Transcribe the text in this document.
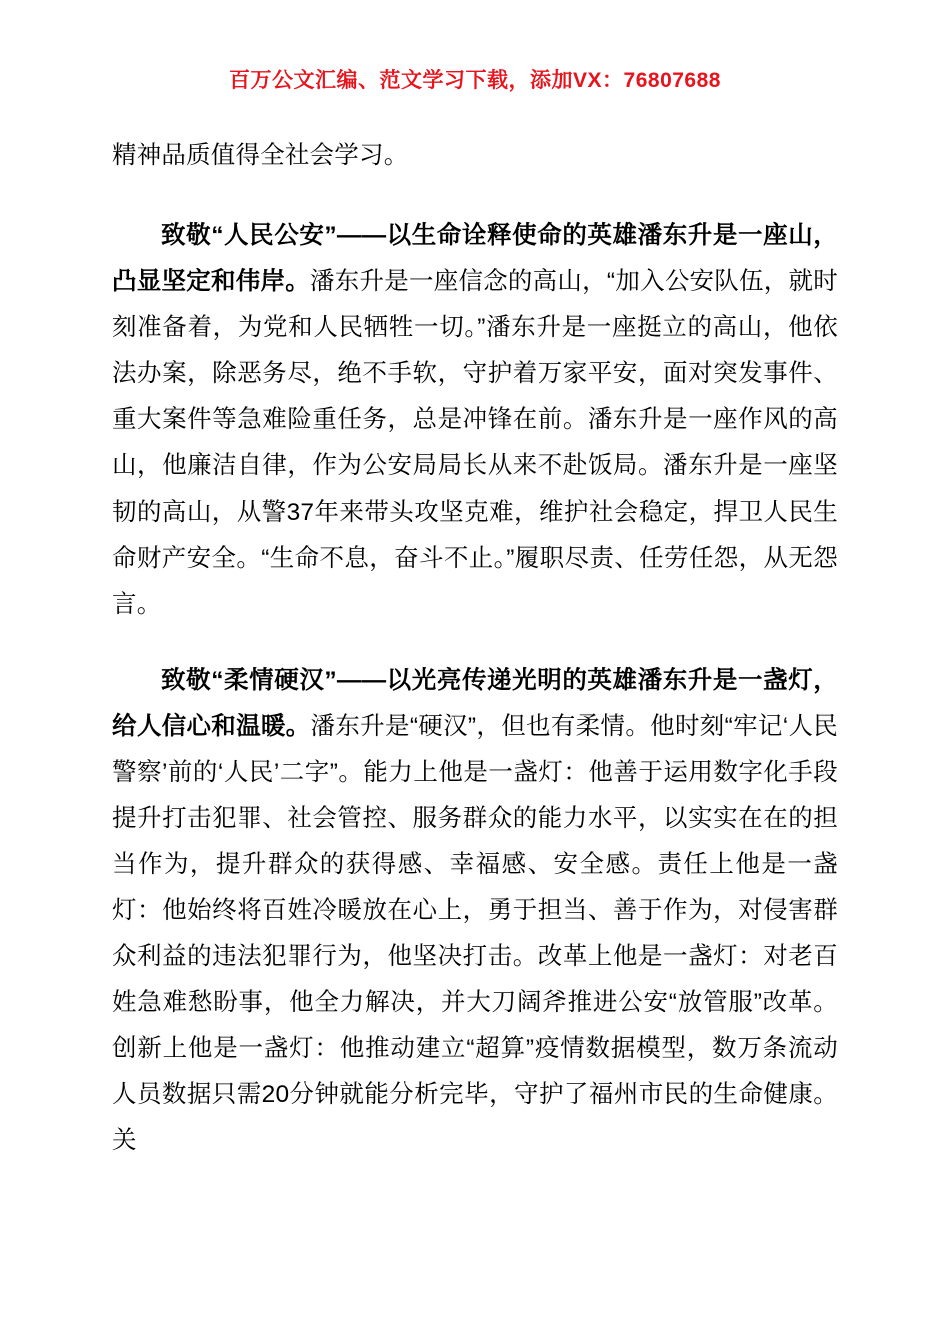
百万公文汇编、范文学习下载，添加VX：76807688

精神品质值得全社会学习。

致敬“人民公安”——以生命诠释使命的英雄潘东升是一座山，凸显坚定和伟岸。潘东升是一座信念的高山，“加入公安队伍，就时刻准备着，为党和人民牺牲一切。”潘东升是一座挺立的高山，他依法办案，除恶务尽，绝不手软，守护着万家平安，面对突发事件、重大案件等急难险重任务，总是冲锋在前。潘东升是一座作风的高山，他廉洁自律，作为公安局局长从来不赴饭局。潘东升是一座坚韧的高山，从警37年来带头攻坚克难，维护社会稳定，捍卫人民生命财产安全。“生命不息，奋斗不止。”履职尽责、任劳任怨，从无怨言。

致敬“柔情硬汉”——以光亮传递光明的英雄潘东升是一盏灯，给人信心和温暖。潘东升是“硬汉”，但也有柔情。他时刻“牢记‘人民警察’前的‘人民’二字”。能力上他是一盏灯：他善于运用数字化手段提升打击犯罪、社会管控、服务群众的能力水平，以实实在在的担当作为，提升群众的获得感、幸福感、安全感。责任上他是一盏灯：他始终将百姓冷暖放在心上，勇于担当、善于作为，对侵害群众利益的违法犯罪行为，他坚决打击。改革上他是一盏灯：对老百姓急难愁盼事，他全力解决，并大刀阔斧推进公安“放管服”改革。创新上他是一盏灯：他推动建立“超算”疫情数据模型，数万条流动人员数据只需20分钟就能分析完毕，守护了福州市民的生命健康。关
